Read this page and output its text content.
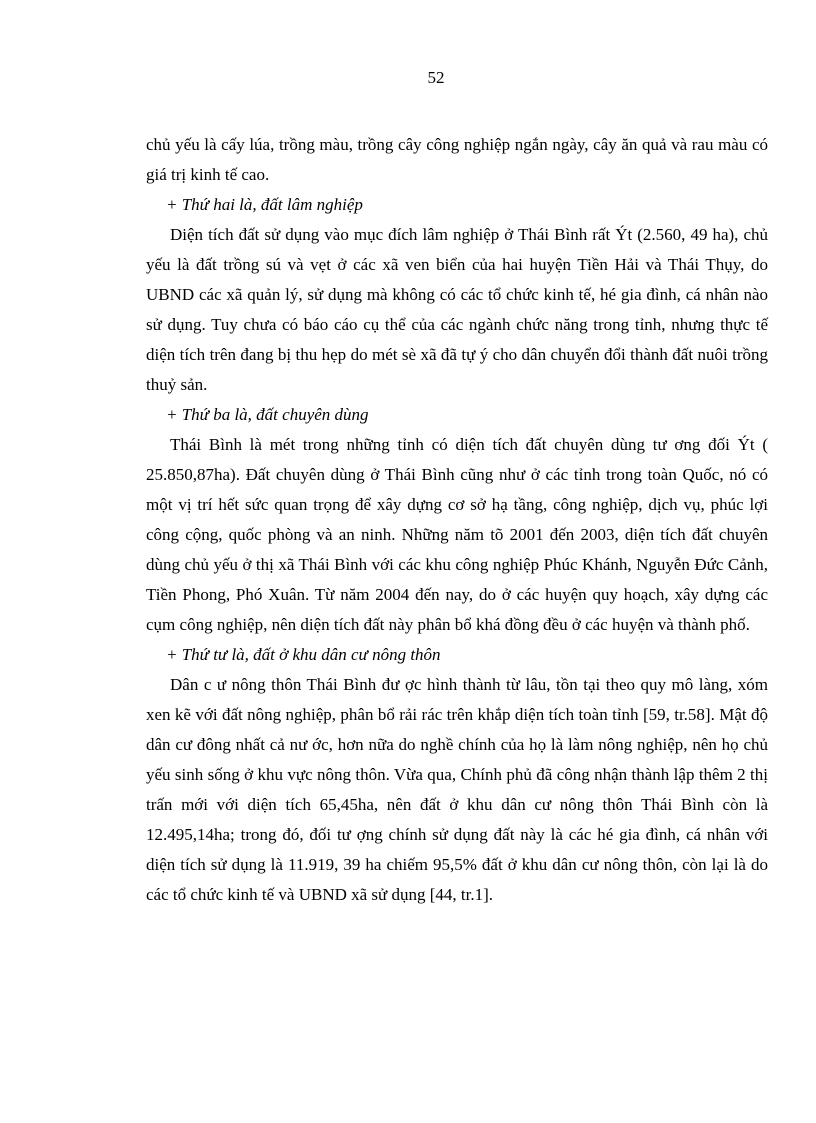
52

chủ yếu là cấy lúa, trồng màu, trồng cây công nghiệp ngắn ngày, cây ăn quả và rau màu có giá trị kinh tế cao.

+ Thứ hai là, đất lâm nghiệp

Diện tích đất sử dụng vào mục đích lâm nghiệp ở Thái Bình rất Ýt (2.560, 49 ha), chủ yếu là đất trồng sú và vẹt ở các xã ven biển của hai huyện Tiền Hải và Thái Thụy, do UBND các xã quản lý, sử dụng mà không có các tổ chức kinh tế, hé gia đình, cá nhân nào sử dụng. Tuy chưa có báo cáo cụ thể của các ngành chức năng trong tỉnh, nhưng thực tế diện tích trên đang bị thu hẹp do mét sè xã đã tự ý cho dân chuyển đổi thành đất nuôi trồng thuỷ sản.

+ Thứ ba là, đất chuyên dùng

Thái Bình là mét trong những tỉnh có diện tích đất chuyên dùng tư ơng đối Ýt ( 25.850,87ha). Đất chuyên dùng ở Thái Bình cũng như ở các tỉnh trong toàn Quốc, nó có một vị trí hết sức quan trọng để xây dựng cơ sở hạ tầng, công nghiệp, dịch vụ, phúc lợi công cộng, quốc phòng và an ninh. Những năm tõ 2001 đến 2003, diện tích đất chuyên dùng chủ yếu ở thị xã Thái Bình với các khu công nghiệp Phúc Khánh, Nguyễn Đức Cảnh, Tiền Phong, Phó Xuân. Từ năm 2004 đến nay, do ở các huyện quy hoạch, xây dựng các cụm công nghiệp, nên diện tích đất này phân bổ khá đồng đều ở các huyện và thành phố.

+ Thứ tư là, đất ở khu dân cư nông thôn

Dân c ư nông thôn Thái Bình đư ợc hình thành từ lâu, tồn tại theo quy mô làng, xóm xen kẽ với đất nông nghiệp, phân bổ rải rác trên khắp diện tích toàn tỉnh [59, tr.58]. Mật độ dân cư đông nhất cả nư ớc, hơn nữa do nghề chính của họ là làm nông nghiệp, nên họ chủ yếu sinh sống ở khu vực nông thôn. Vừa qua, Chính phủ đã công nhận thành lập thêm 2 thị trấn mới với diện tích 65,45ha, nên đất ở khu dân cư nông thôn Thái Bình còn là 12.495,14ha; trong đó, đối tư ợng chính sử dụng đất này là các hé gia đình, cá nhân với diện tích sử dụng là 11.919, 39 ha chiếm 95,5% đất ở khu dân cư nông thôn, còn lại là do các tổ chức kinh tế và UBND xã sử dụng [44, tr.1].
